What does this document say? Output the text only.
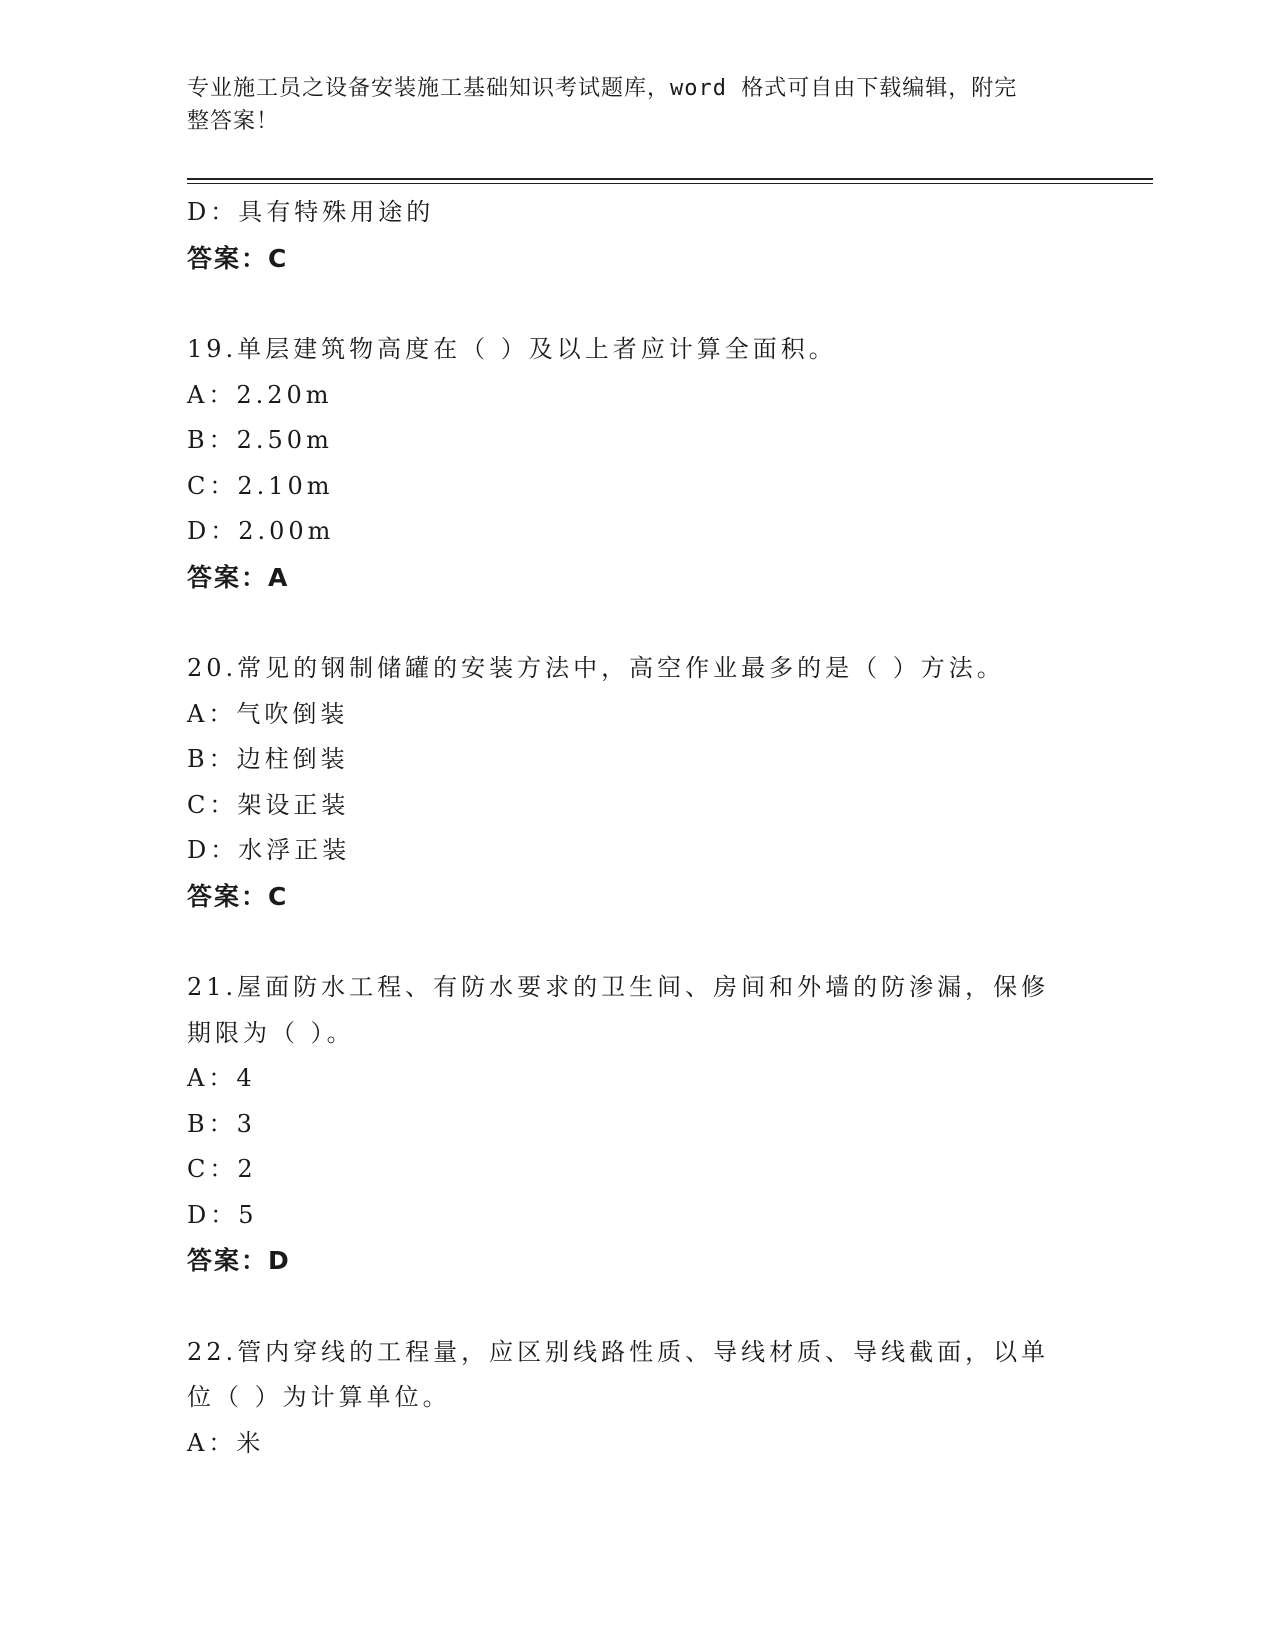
专业施工员之设备安装施工基础知识考试题库，word 格式可自由下载编辑，附完
整答案！
D：具有特殊用途的
答案：C
19.单层建筑物高度在（ ）及以上者应计算全面积。
A：2.20m
B：2.50m
C：2.10m
D：2.00m
答案：A
20.常见的钢制储罐的安装方法中，高空作业最多的是（ ）方法。
A：气吹倒装
B：边柱倒装
C：架设正装
D：水浮正装
答案：C
21.屋面防水工程、有防水要求的卫生间、房间和外墙的防渗漏，保修
期限为（ ）。
A：4
B：3
C：2
D：5
答案：D
22.管内穿线的工程量，应区别线路性质、导线材质、导线截面，以单
位（ ）为计算单位。
A：米
